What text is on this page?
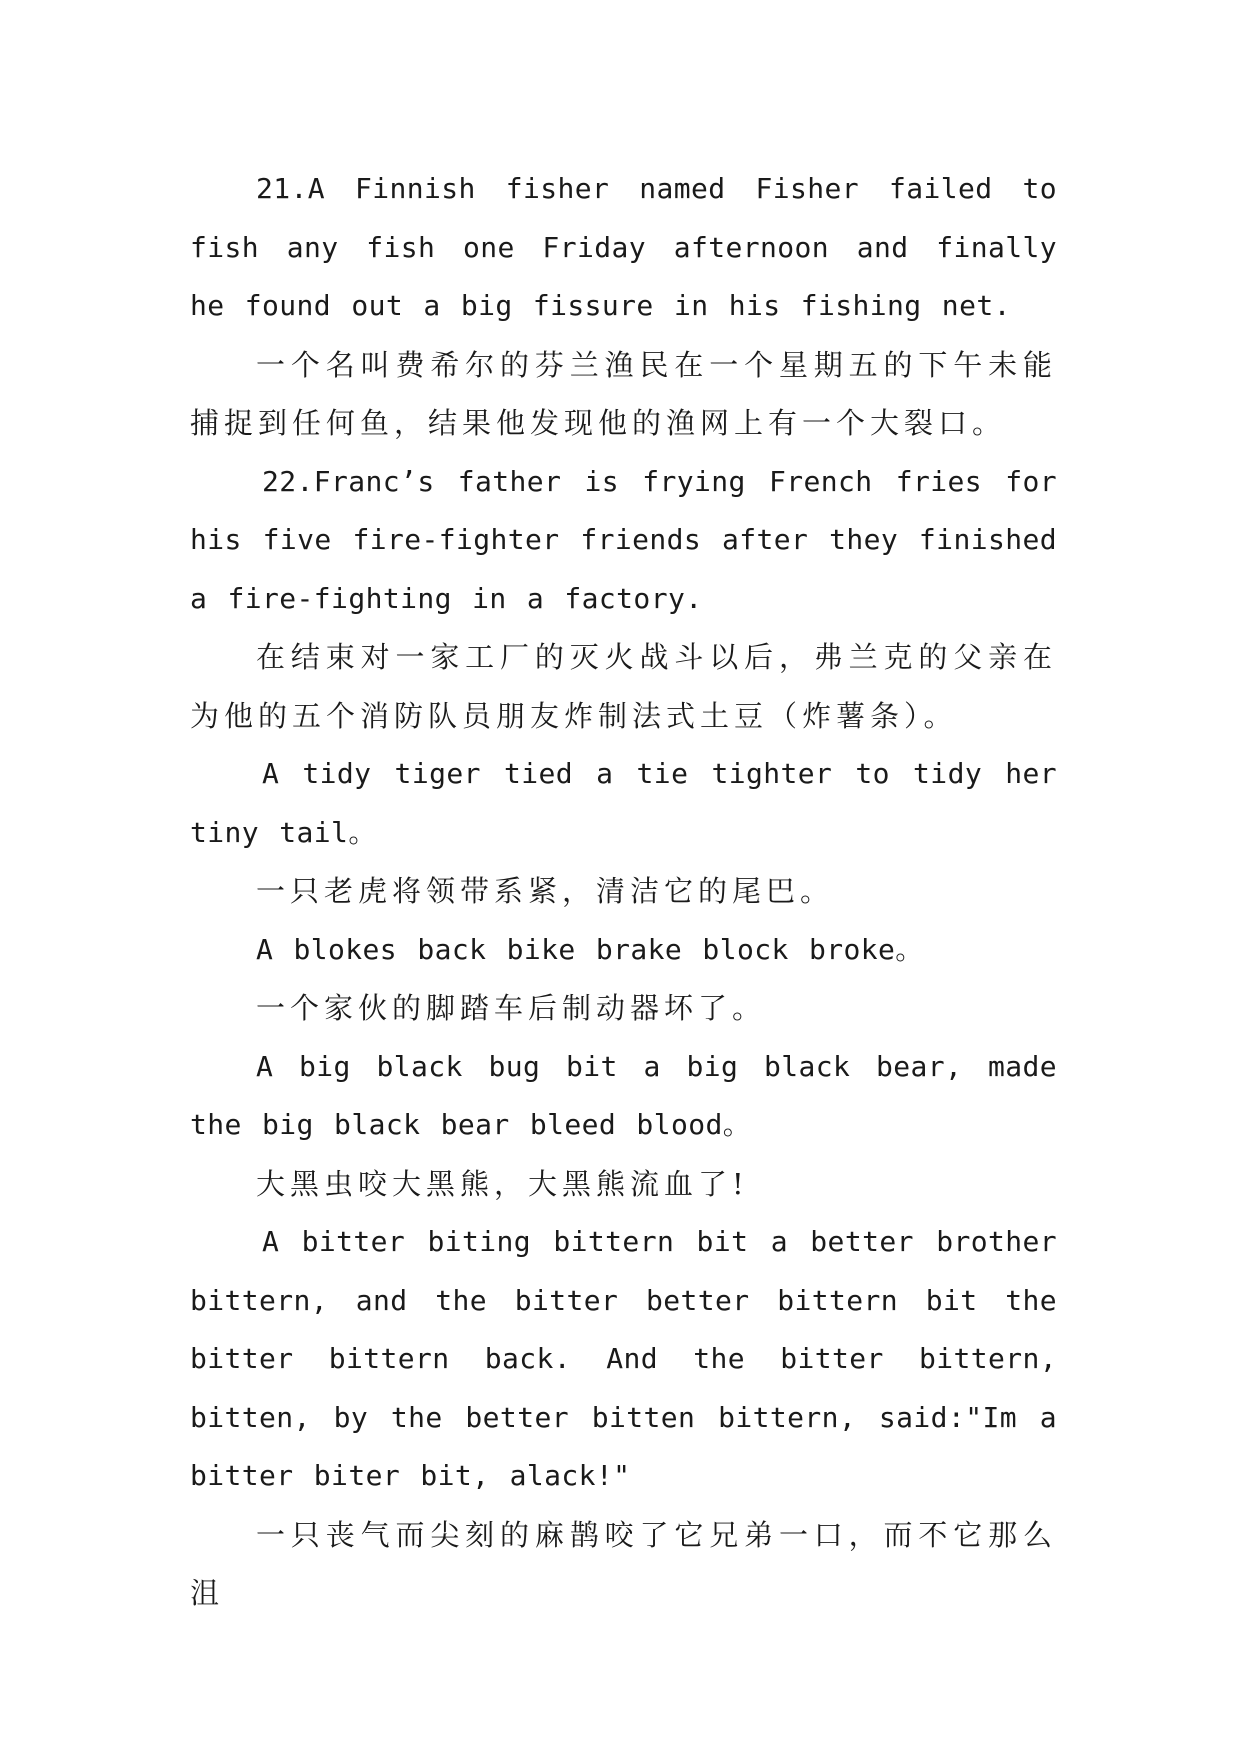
21.A Finnish fisher named Fisher failed to fish any fish one Friday afternoon and finally he found out a big fissure in his fishing net.

一个名叫费希尔的芬兰渔民在一个星期五的下午未能捕捉到任何鱼，结果他发现他的渔网上有一个大裂口。

22.Franc’s father is frying French fries for his five fire-fighter friends after they finished a fire-fighting in a factory.

在结束对一家工厂的灭火战斗以后，弗兰克的父亲在为他的五个消防队员朋友炸制法式土豆（炸薯条）。

A tidy tiger tied a tie tighter to tidy her tiny tail。

一只老虎将领带系紧，清洁它的尾巴。

A blokes back bike brake block broke。

一个家伙的脚踏车后制动器坏了。

A big black bug bit a big black bear, made the big black bear bleed blood。

大黑虫咬大黑熊，大黑熊流血了!

A bitter biting bittern bit a better brother bittern, and the bitter better bittern bit the bitter bittern back. And the bitter bittern, bitten, by the better bitten bittern, said:"Im a bitter biter bit, alack!"

一只丧气而尖刻的麻鹊咬了它兄弟一口，而不它那么沮
